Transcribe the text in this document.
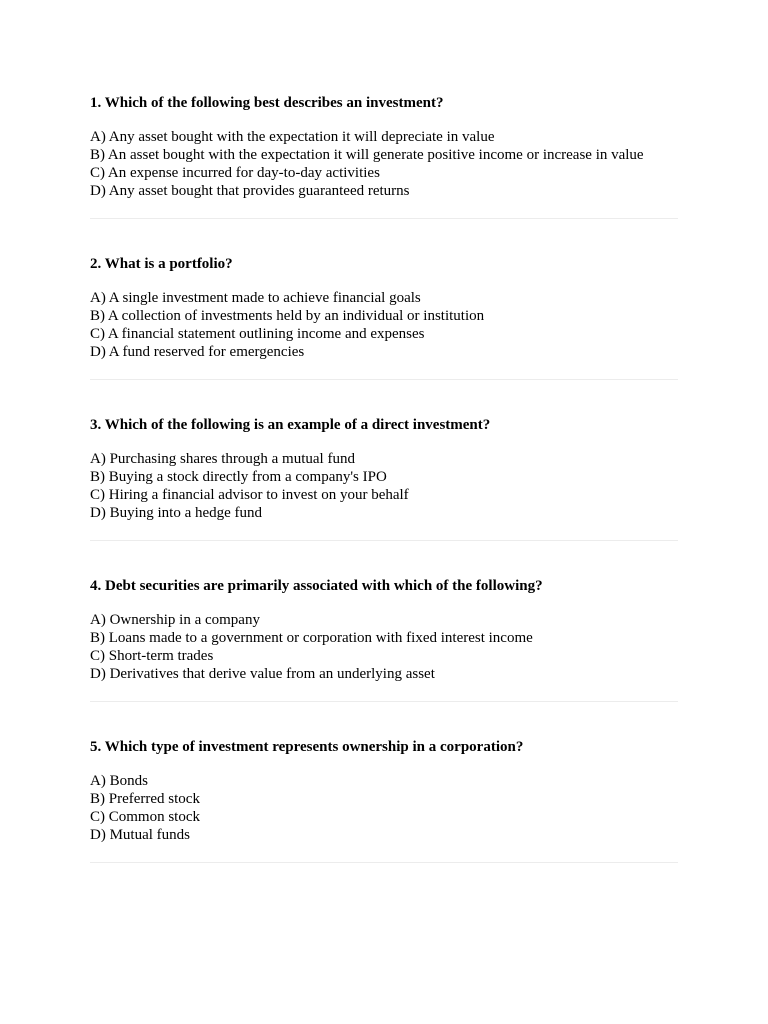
1. Which of the following best describes an investment?

A) Any asset bought with the expectation it will depreciate in value
B) An asset bought with the expectation it will generate positive income or increase in value
C) An expense incurred for day-to-day activities
D) Any asset bought that provides guaranteed returns

2. What is a portfolio?

A) A single investment made to achieve financial goals
B) A collection of investments held by an individual or institution
C) A financial statement outlining income and expenses
D) A fund reserved for emergencies

3. Which of the following is an example of a direct investment?

A) Purchasing shares through a mutual fund
B) Buying a stock directly from a company's IPO
C) Hiring a financial advisor to invest on your behalf
D) Buying into a hedge fund

4. Debt securities are primarily associated with which of the following?

A) Ownership in a company
B) Loans made to a government or corporation with fixed interest income
C) Short-term trades
D) Derivatives that derive value from an underlying asset

5. Which type of investment represents ownership in a corporation?

A) Bonds
B) Preferred stock
C) Common stock
D) Mutual funds
